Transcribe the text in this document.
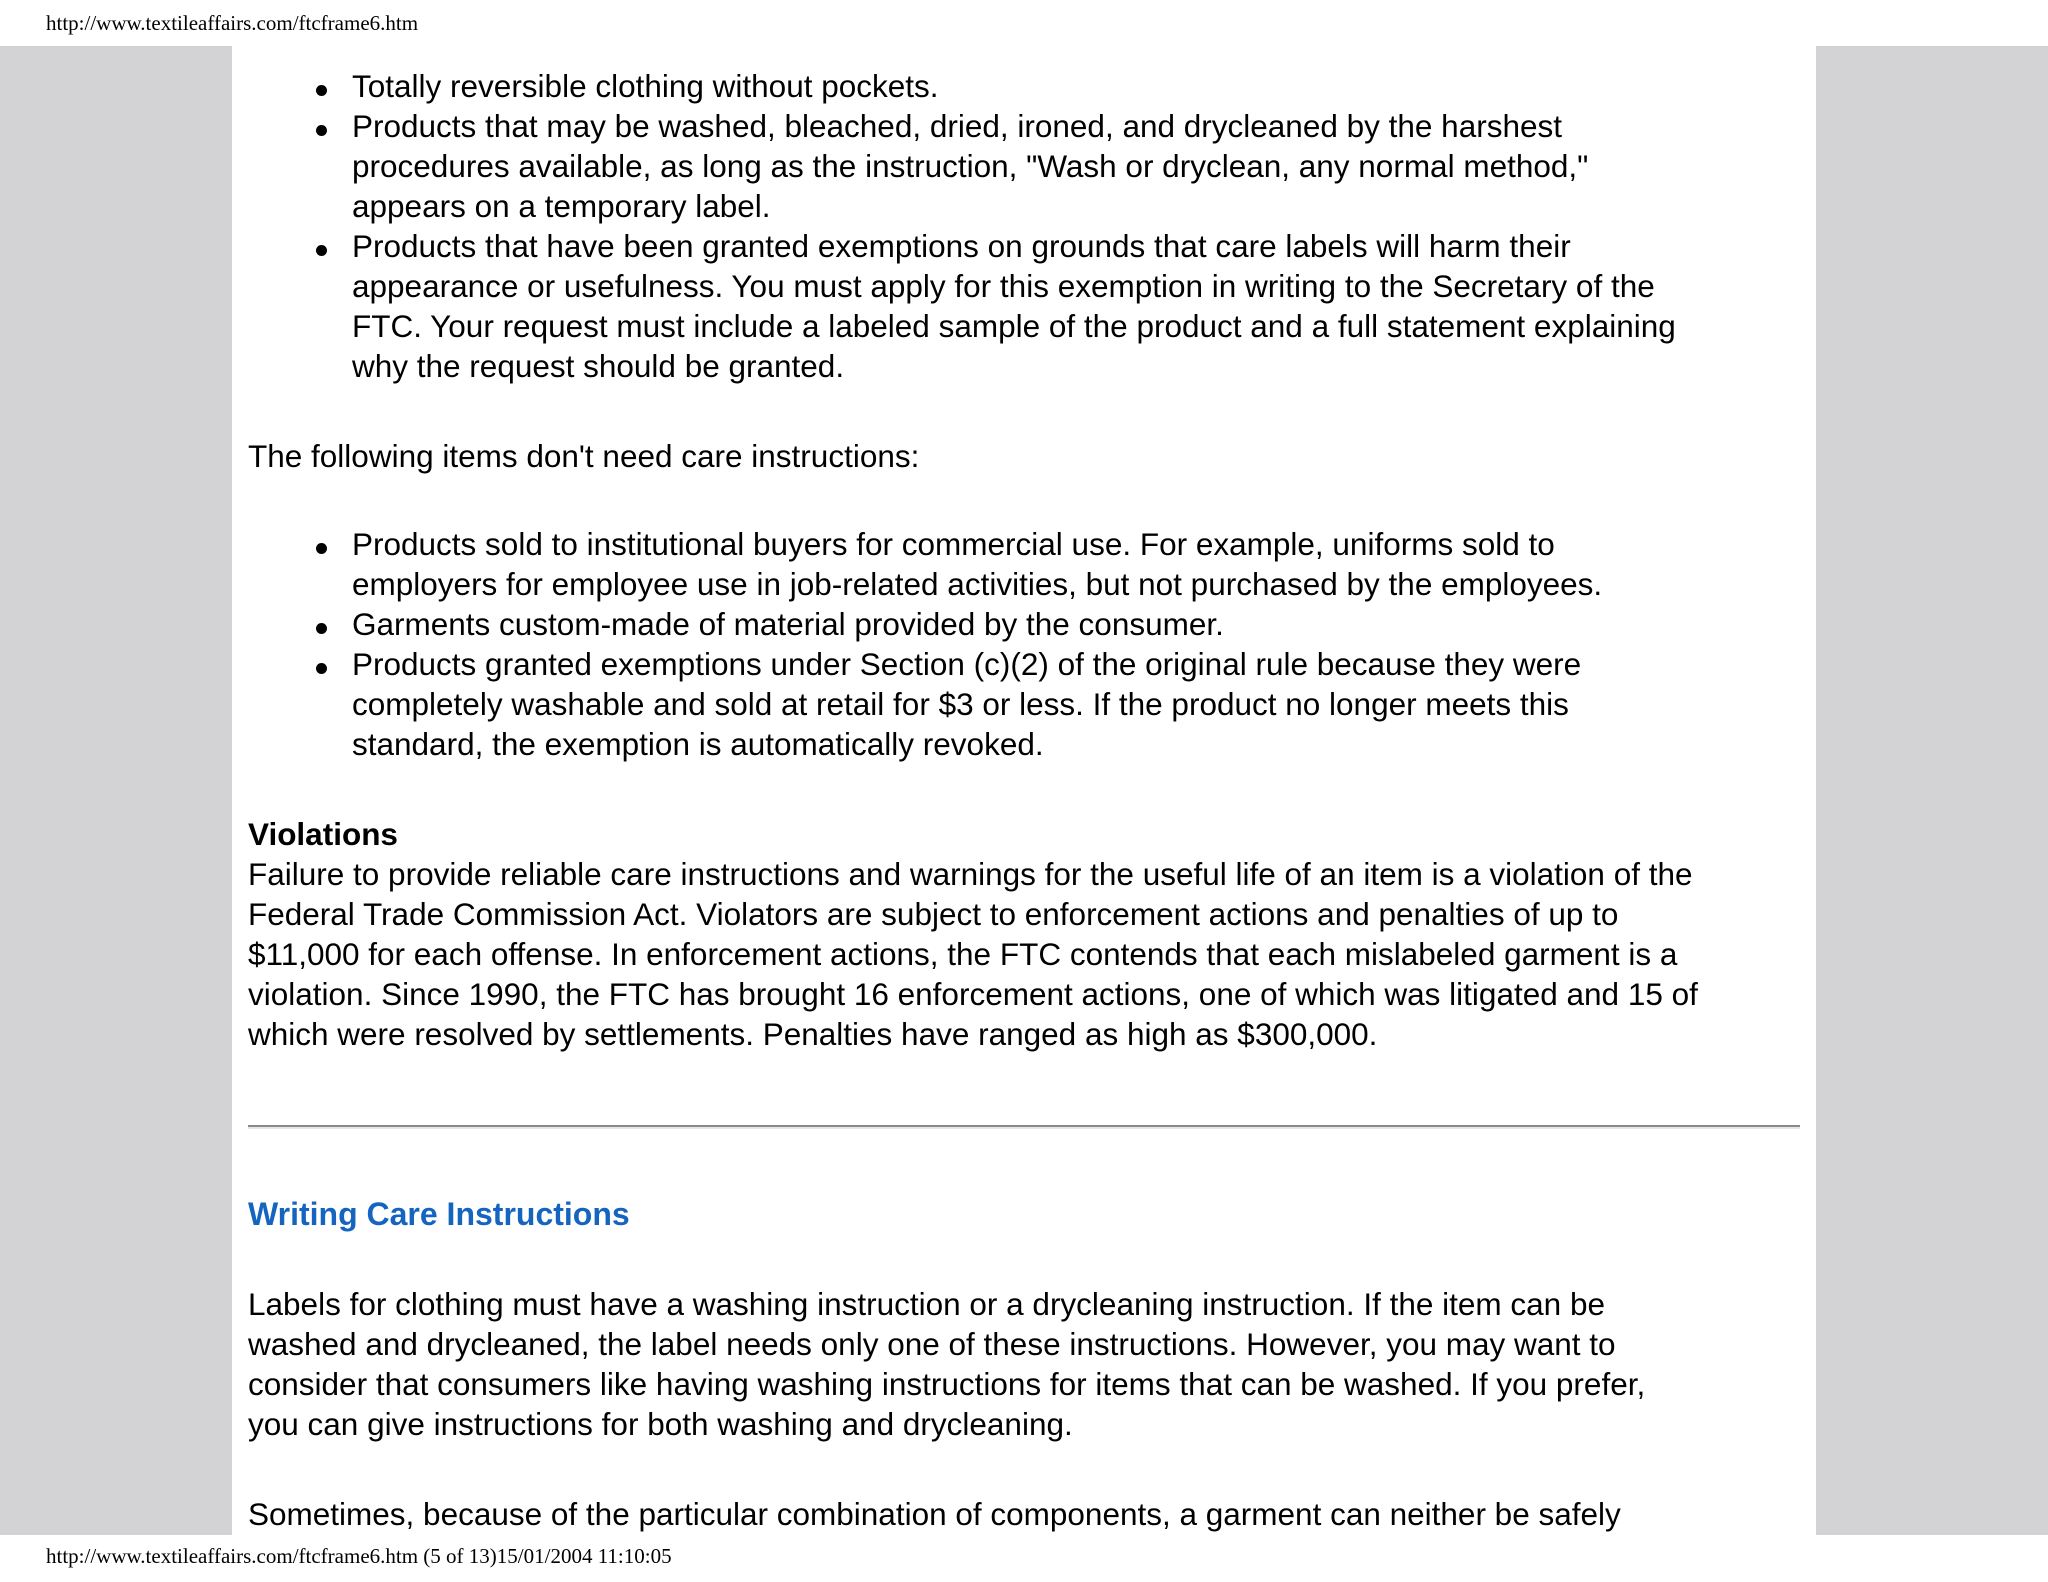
http://www.textileaffairs.com/ftcframe6.htm
Totally reversible clothing without pockets.
Products that may be washed, bleached, dried, ironed, and drycleaned by the harshest
procedures available, as long as the instruction, "Wash or dryclean, any normal method,"
appears on a temporary label.
Products that have been granted exemptions on grounds that care labels will harm their
appearance or usefulness. You must apply for this exemption in writing to the Secretary of the
FTC. Your request must include a labeled sample of the product and a full statement explaining
why the request should be granted.
The following items don't need care instructions:
Products sold to institutional buyers for commercial use. For example, uniforms sold to
employers for employee use in job-related activities, but not purchased by the employees.
Garments custom-made of material provided by the consumer.
Products granted exemptions under Section (c)(2) of the original rule because they were
completely washable and sold at retail for $3 or less. If the product no longer meets this
standard, the exemption is automatically revoked.
Violations
Failure to provide reliable care instructions and warnings for the useful life of an item is a violation of the
Federal Trade Commission Act. Violators are subject to enforcement actions and penalties of up to
$11,000 for each offense. In enforcement actions, the FTC contends that each mislabeled garment is a
violation. Since 1990, the FTC has brought 16 enforcement actions, one of which was litigated and 15 of
which were resolved by settlements. Penalties have ranged as high as $300,000.
Writing Care Instructions
Labels for clothing must have a washing instruction or a drycleaning instruction. If the item can be
washed and drycleaned, the label needs only one of these instructions. However, you may want to
consider that consumers like having washing instructions for items that can be washed. If you prefer,
you can give instructions for both washing and drycleaning.
Sometimes, because of the particular combination of components, a garment can neither be safely
http://www.textileaffairs.com/ftcframe6.htm (5 of 13)15/01/2004 11:10:05
